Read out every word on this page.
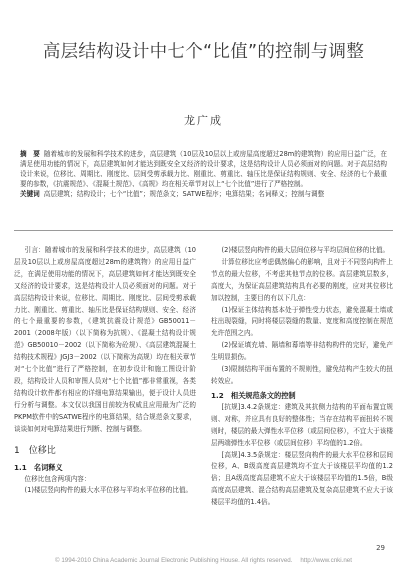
高层结构设计中七个“比值”的控制与调整
龙广成

摘　要 随着城市的发展和科学技术的进步，高层建筑（10层及10层以上或房屋高度超过28m的建筑物）的应用日益广泛，在满足使用功能的情况下，高层建筑如何才能达到既安全又经济的设计要求，这是结构设计人员必须面对的问题。对于高层结构设计来说，位移比、周期比、刚度比、层间受剪承载力比、刚重比、剪重比、轴压比是保证结构规则、安全、经济的七个最重要的参数，《抗震规范》、《混凝土规范》、《高规》均在相关章节对以上“七个比值”进行了严格控制。

关键词 高层建筑；结构设计；七个“比值”；规范条文；SATWE程序；电算结果；名词释义；控制与调整

引言：随着城市的发展和科学技术的进步，高层建筑（10层及10层以上或房屋高度超过28m的建筑物）的应用日益广泛，在满足使用功能的情况下，高层建筑如何才能达到既安全又经济的设计要求，这是结构设计人员必须面对的问题。对于高层结构设计来说，位移比、周期比、刚度比、层间受剪承载力比、刚重比、剪重比、轴压比是保证结构规则、安全、经济的七个最重要的参数，《建筑抗震设计规范》GB50011－2001（2008年版）（以下简称为抗规）、《混凝土结构设计规范》GB50010－2002（以下简称为砼规）、《高层建筑混凝土结构技术规程》JGJ3－2002（以下简称为高规）均在相关章节对“七个比值”进行了严格控制，在初步设计和施工图设计阶段，结构设计人员和审图人员对“七个比值”都非常重视，各类结构设计软件都有相应的详细电算结果输出，便于设计人员进行分析与调整。本文仅以我国目前较为权威且应用最为广泛的PKPM软件中的SATWE程序的电算结果，结合规范条文要求，谈谈如何对电算结果进行判断、控制与调整。

1　位移比
1.1　名词释义

位移比包含两项内容：

(1)楼层竖向构件的最大水平位移与平均水平位移的比值。

(2)楼层竖向构件的最大层间位移与平均层间位移的比值。

计算位移比应考虑偶然偏心的影响，且对于不同竖向构件上节点的最大位移，不考虑其他节点的位移。高层建筑层数多，高度大，为保证高层建筑结构具有必要的刚度，应对其位移比加以控制，主要目的有以下几点：

(1)保证主体结构基本处于弹性受力状态，避免混凝土墙或柱出现裂缝，同时将楼层裂缝的数量、宽度和高度控制在规范允许范围之内。

(2)保证填充墙、隔墙和幕墙等非结构构件的完好，避免产生明显损伤。

(3)限制结构平面布置的不规则性，避免结构产生较大的扭转效应。

1.2　相关规范条文的控制

[抗规]3.4.2条规定：建筑及其抗侧力结构的平面布置宜规则、对称，并应具有良好的整体性；当存在结构平面扭转不规则时，楼层的最大弹性水平位移（或层间位移），不宜大于该楼层两端弹性水平位移（或层间位移）平均值的1.2倍。

[高规]4.3.5条规定：楼层竖向构件的最大水平位移和层间位移，A、B级高度高层建筑均不宜大于该楼层平均值的1.2倍；且A级高度高层建筑不应大于该楼层平均值的1.5倍，B级高度高层建筑、混合结构高层建筑及复杂高层建筑不应大于该楼层平均值的1.4倍。

29
© 1994-2010 China Academic Journal Electronic Publishing House. All rights reserved.　 http://www.cnki.net
